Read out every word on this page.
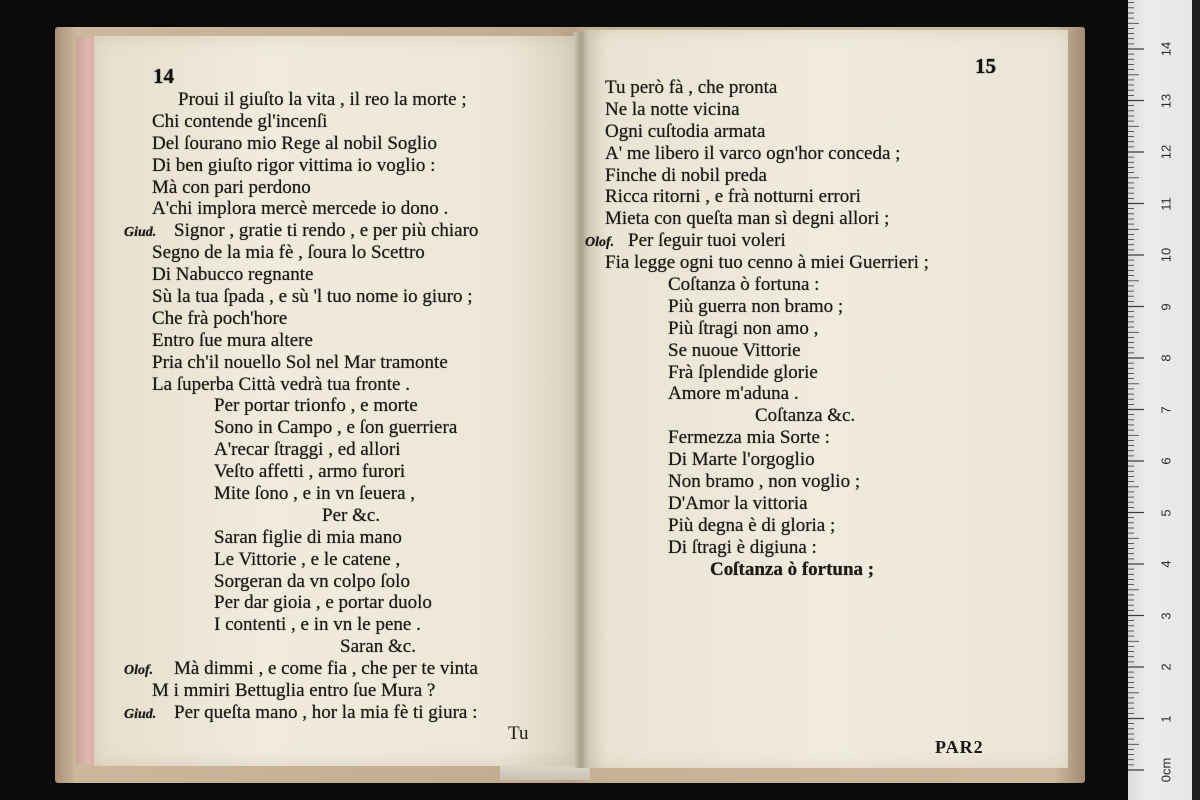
14
Proui il giuſto la vita , il reo la morte ;
Chi contende gl'incenſi
Del ſourano mio Rege al nobil Soglio
Di ben giuſto rigor vittima io voglio :
Mà con pari perdono
A'chi implora mercè mercede io dono .
Giud. Signor , gratie ti rendo , e per più chiaro
Segno de la mia fè , ſoura lo Scettro
Di Nabucco regnante
Sù la tua ſpada , e sù 'l tuo nome io giuro ;
Che frà poch'hore
Entro ſue mura altere
Pria ch'il nouello Sol nel Mar tramonte
La ſuperba Città vedrà tua fronte .
Per portar trionfo , e morte
Sono in Campo , e ſon guerriera
A'recar ſtraggi , ed allori
Veſto affetti , armo furori
Mite ſono , e in vn ſeuera ,
Per &c.
Saran figlie di mia mano
Le Vittorie , e le catene ,
Sorgeran da vn colpo ſolo
Per dar gioia , e portar duolo
I contenti , e in vn le pene .
Saran &c.
Olof. Mà dimmi , e come fia , che per te vinta
M i mmiri Bettuglia entro ſue Mura ?
Giud. Per queſta mano , hor la mia fè ti giura :
Tu
15
Tu però fà , che pronta
Ne la notte vicina
Ogni cuſtodia armata
A' me libero il varco ogn'hor conceda ;
Finche di nobil preda
Ricca ritorni , e frà notturni errori
Mieta con queſta man sì degni allori ;
Olof. Per ſeguir tuoi voleri
Fia legge ogni tuo cenno à miei Guerrieri ;
Coſtanza ò fortuna :
Più guerra non bramo ;
Più ſtragi non amo ,
Se nuoue Vittorie
Frà ſplendide glorie
Amore m'aduna .
Coſtanza &c.
Fermezza mia Sorte :
Di Marte l'orgoglio
Non bramo , non voglio ;
D'Amor la vittoria
Più degna è di gloria ;
Di ſtragi è digiuna :
Coſtanza ò fortuna ;
PAR2
0cm
1
2
3
4
5
6
7
8
9
10
11
12
13
14
